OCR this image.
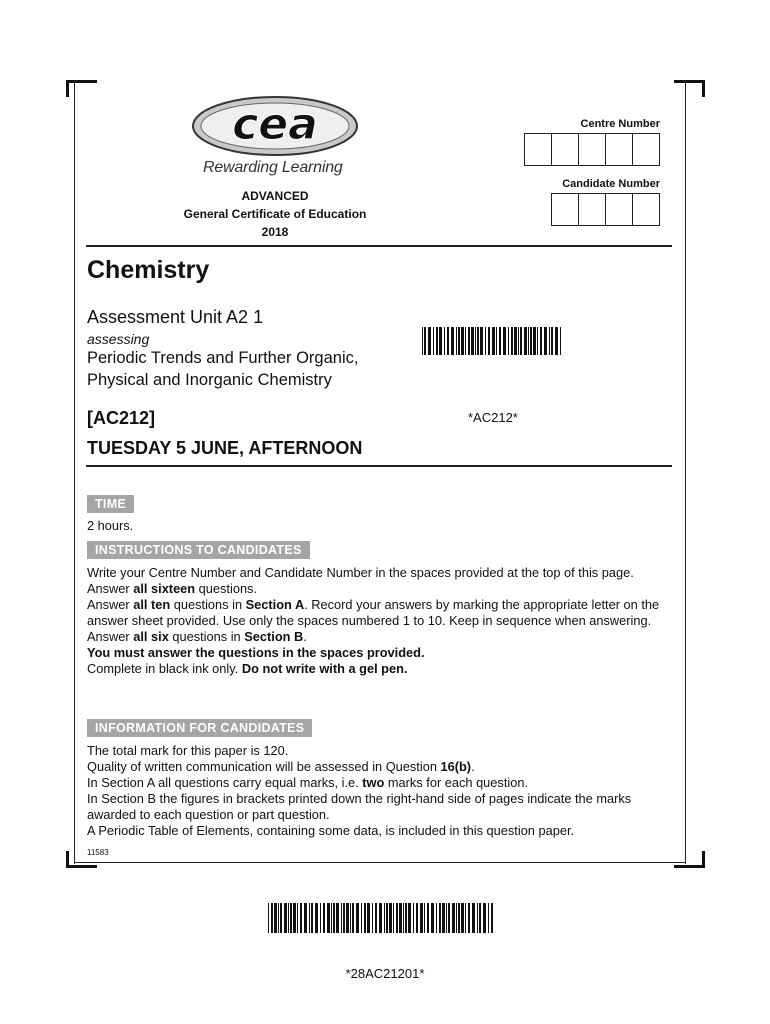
cea
Rewarding Learning
ADVANCED
General Certificate of Education
2018
Centre Number
Candidate Number
Chemistry
Assessment Unit A2 1
assessing
Periodic Trends and Further Organic,
Physical and Inorganic Chemistry
[AC212]	*AC212*
TUESDAY 5 JUNE, AFTERNOON
TIME
2 hours.
INSTRUCTIONS TO CANDIDATES

Write your Centre Number and Candidate Number in the spaces provided at the top of this page.

Answer all sixteen questions.

Answer all ten questions in Section A. Record your answers by marking the appropriate letter on the answer sheet provided. Use only the spaces numbered 1 to 10. Keep in sequence when answering.

Answer all six questions in Section B.

You must answer the questions in the spaces provided.

Complete in black ink only. Do not write with a gel pen.

INFORMATION FOR CANDIDATES

The total mark for this paper is 120.

Quality of written communication will be assessed in Question 16(b).

In Section A all questions carry equal marks, i.e. two marks for each question.

In Section B the figures in brackets printed down the right-hand side of pages indicate the marks awarded to each question or part question.

A Periodic Table of Elements, containing some data, is included in this question paper.

11583
*28AC21201*
